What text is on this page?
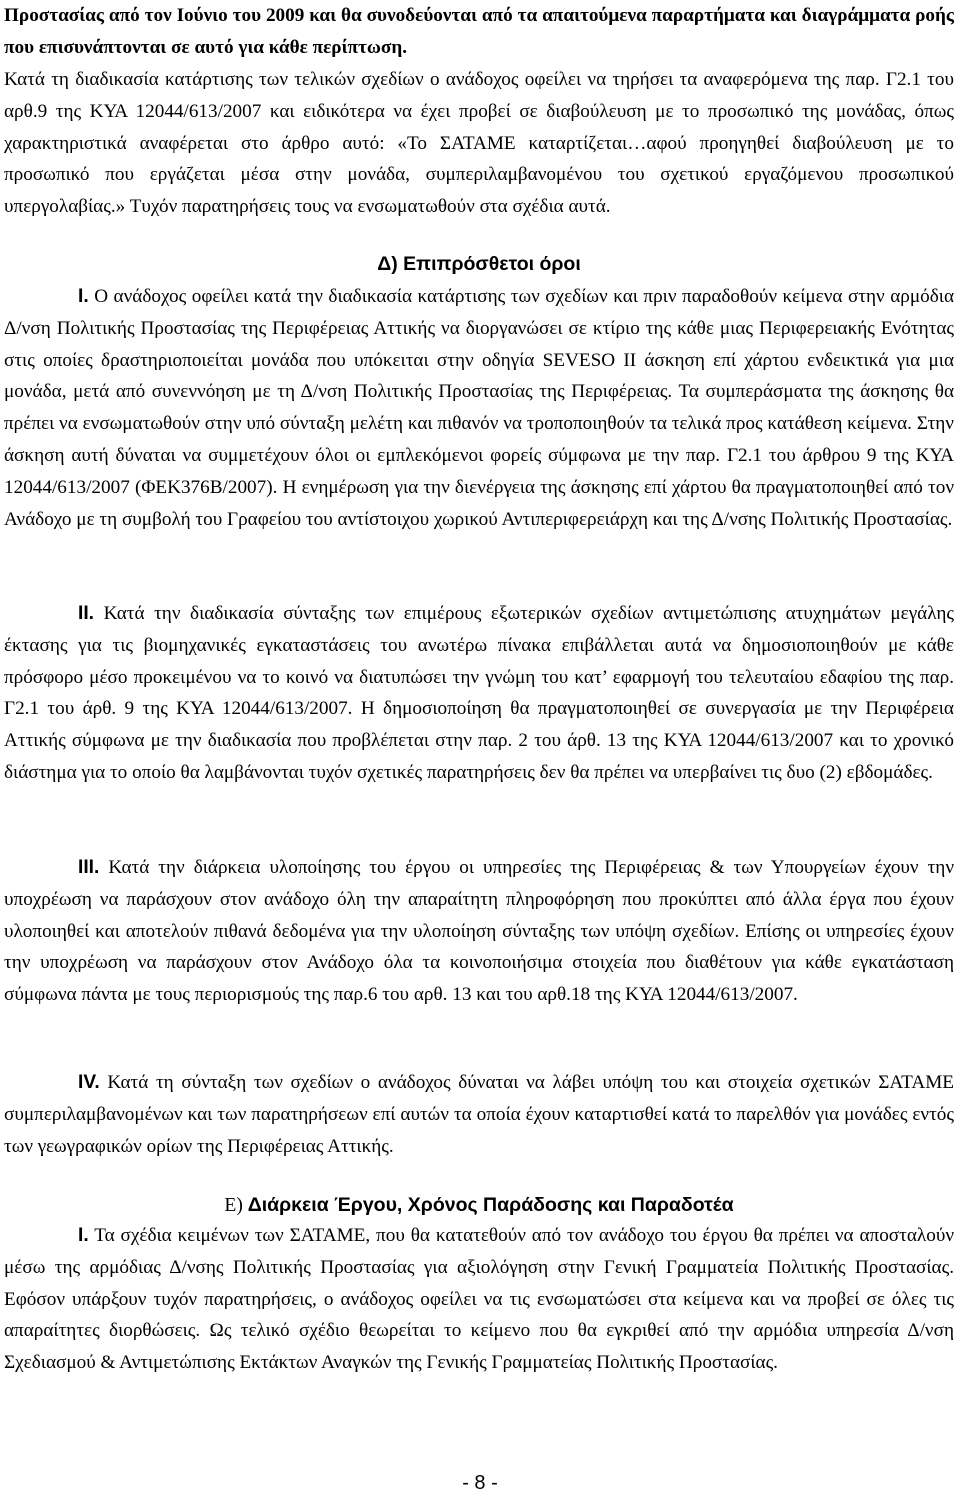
Προστασίας από τον Ιούνιο του 2009 και θα συνοδεύονται από τα απαιτούμενα παραρτήματα και διαγράμματα ροής που επισυνάπτονται σε αυτό για κάθε περίπτωση.

Κατά τη διαδικασία κατάρτισης των τελικών σχεδίων ο ανάδοχος οφείλει να τηρήσει τα αναφερόμενα της παρ. Γ2.1 του αρθ.9 της ΚΥΑ 12044/613/2007 και ειδικότερα να έχει προβεί σε διαβούλευση με το προσωπικό της μονάδας, όπως χαρακτηριστικά αναφέρεται στο άρθρο αυτό: «Το ΣΑΤΑΜΕ καταρτίζεται…αφού προηγηθεί διαβούλευση με το προσωπικό που εργάζεται μέσα στην μονάδα, συμπεριλαμβανομένου του σχετικού εργαζόμενου προσωπικού υπεργολαβίας.» Τυχόν παρατηρήσεις τους να ενσωματωθούν στα σχέδια αυτά.

Δ) Επιπρόσθετοι όροι

Ι. Ο ανάδοχος οφείλει κατά την διαδικασία κατάρτισης των σχεδίων και πριν παραδοθούν κείμενα στην αρμόδια Δ/νση Πολιτικής Προστασίας της Περιφέρειας Αττικής να διοργανώσει σε κτίριο της κάθε μιας Περιφερειακής Ενότητας στις οποίες δραστηριοποιείται μονάδα που υπόκειται στην οδηγία SEVESO II άσκηση επί χάρτου ενδεικτικά για μια μονάδα, μετά από συνεννόηση με τη Δ/νση Πολιτικής Προστασίας της Περιφέρειας. Τα συμπεράσματα της άσκησης θα πρέπει να ενσωματωθούν στην υπό σύνταξη μελέτη και πιθανόν να τροποποιηθούν τα τελικά προς κατάθεση κείμενα. Στην άσκηση αυτή δύναται να συμμετέχουν όλοι οι εμπλεκόμενοι φορείς σύμφωνα με την παρ. Γ2.1 του άρθρου 9 της ΚΥΑ 12044/613/2007 (ΦΕΚ376Β/2007). Η ενημέρωση για την διενέργεια της άσκησης επί χάρτου θα πραγματοποιηθεί από τον Ανάδοχο με τη συμβολή του Γραφείου του αντίστοιχου χωρικού Αντιπεριφερειάρχη και της Δ/νσης Πολιτικής Προστασίας.

ΙΙ. Κατά την διαδικασία σύνταξης των επιμέρους εξωτερικών σχεδίων αντιμετώπισης ατυχημάτων μεγάλης έκτασης για τις βιομηχανικές εγκαταστάσεις του ανωτέρω πίνακα επιβάλλεται αυτά να δημοσιοποιηθούν με κάθε πρόσφορο μέσο προκειμένου να το κοινό να διατυπώσει την γνώμη του κατ’ εφαρμογή του τελευταίου εδαφίου της παρ. Γ2.1 του άρθ. 9 της ΚΥΑ 12044/613/2007. Η δημοσιοποίηση θα πραγματοποιηθεί σε συνεργασία με την Περιφέρεια Αττικής σύμφωνα με την διαδικασία που προβλέπεται στην παρ. 2 του άρθ. 13 της ΚΥΑ 12044/613/2007 και το χρονικό διάστημα για το οποίο θα λαμβάνονται τυχόν σχετικές παρατηρήσεις δεν θα πρέπει να υπερβαίνει τις δυο (2) εβδομάδες.

ΙΙΙ. Κατά την διάρκεια υλοποίησης του έργου οι υπηρεσίες της Περιφέρειας & των Υπουργείων έχουν την υποχρέωση να παράσχουν στον ανάδοχο όλη την απαραίτητη πληροφόρηση που προκύπτει από άλλα έργα που έχουν υλοποιηθεί και αποτελούν πιθανά δεδομένα για την υλοποίηση σύνταξης των υπόψη σχεδίων. Επίσης οι υπηρεσίες έχουν την υποχρέωση να παράσχουν στον Ανάδοχο όλα τα κοινοποιήσιμα στοιχεία που διαθέτουν για κάθε εγκατάσταση σύμφωνα πάντα με τους περιορισμούς της παρ.6 του αρθ. 13 και του αρθ.18 της ΚΥΑ 12044/613/2007.

ΙV. Κατά τη σύνταξη των σχεδίων ο ανάδοχος δύναται να λάβει υπόψη του και στοιχεία σχετικών ΣΑΤΑΜΕ συμπεριλαμβανομένων και των παρατηρήσεων επί αυτών τα οποία έχουν καταρτισθεί κατά το παρελθόν για μονάδες εντός των γεωγραφικών ορίων της Περιφέρειας Αττικής.

Ε) Διάρκεια Έργου, Χρόνος Παράδοσης και Παραδοτέα

Ι. Τα σχέδια κειμένων των ΣΑΤΑΜΕ, που θα κατατεθούν από τον ανάδοχο του έργου θα πρέπει να αποσταλούν μέσω της αρμόδιας Δ/νσης Πολιτικής Προστασίας για αξιολόγηση στην Γενική Γραμματεία Πολιτικής Προστασίας. Εφόσον υπάρξουν τυχόν παρατηρήσεις, ο ανάδοχος οφείλει να τις ενσωματώσει στα κείμενα και να προβεί σε όλες τις απαραίτητες διορθώσεις. Ως τελικό σχέδιο θεωρείται το κείμενο που θα εγκριθεί από την αρμόδια υπηρεσία Δ/νση Σχεδιασμού & Αντιμετώπισης Εκτάκτων Αναγκών της Γενικής Γραμματείας Πολιτικής Προστασίας.

- 8 -
